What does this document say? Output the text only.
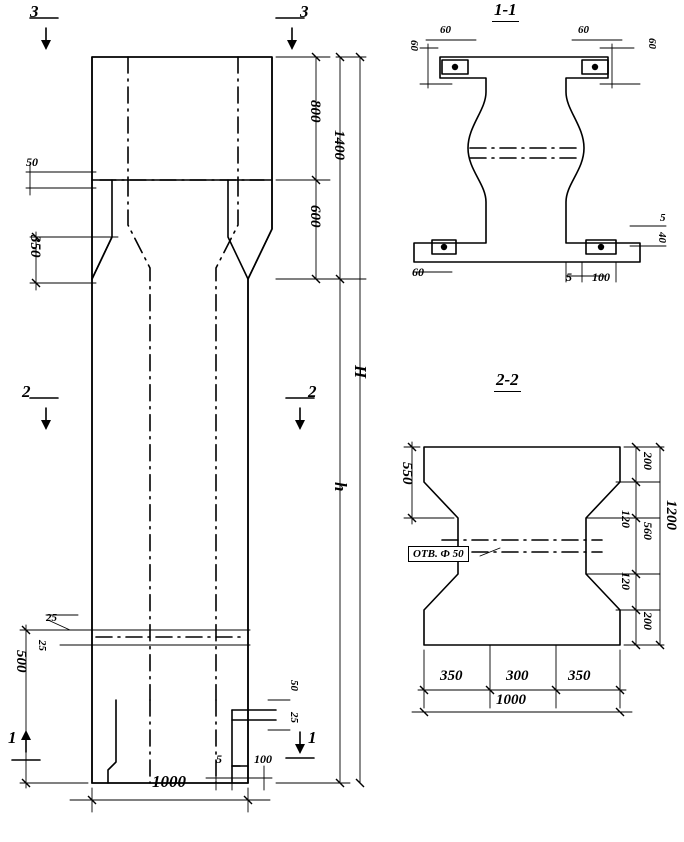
1-1
2-2
3	3
2	2
1	1
50
800
1400
600
350
H
h
500
25
25
1000
5	100
50
25
60
60
60
60
60	5 100
5
40
550
200
120
560
120
200
1200
ОТВ. Ф 50
350	300	350
1000
